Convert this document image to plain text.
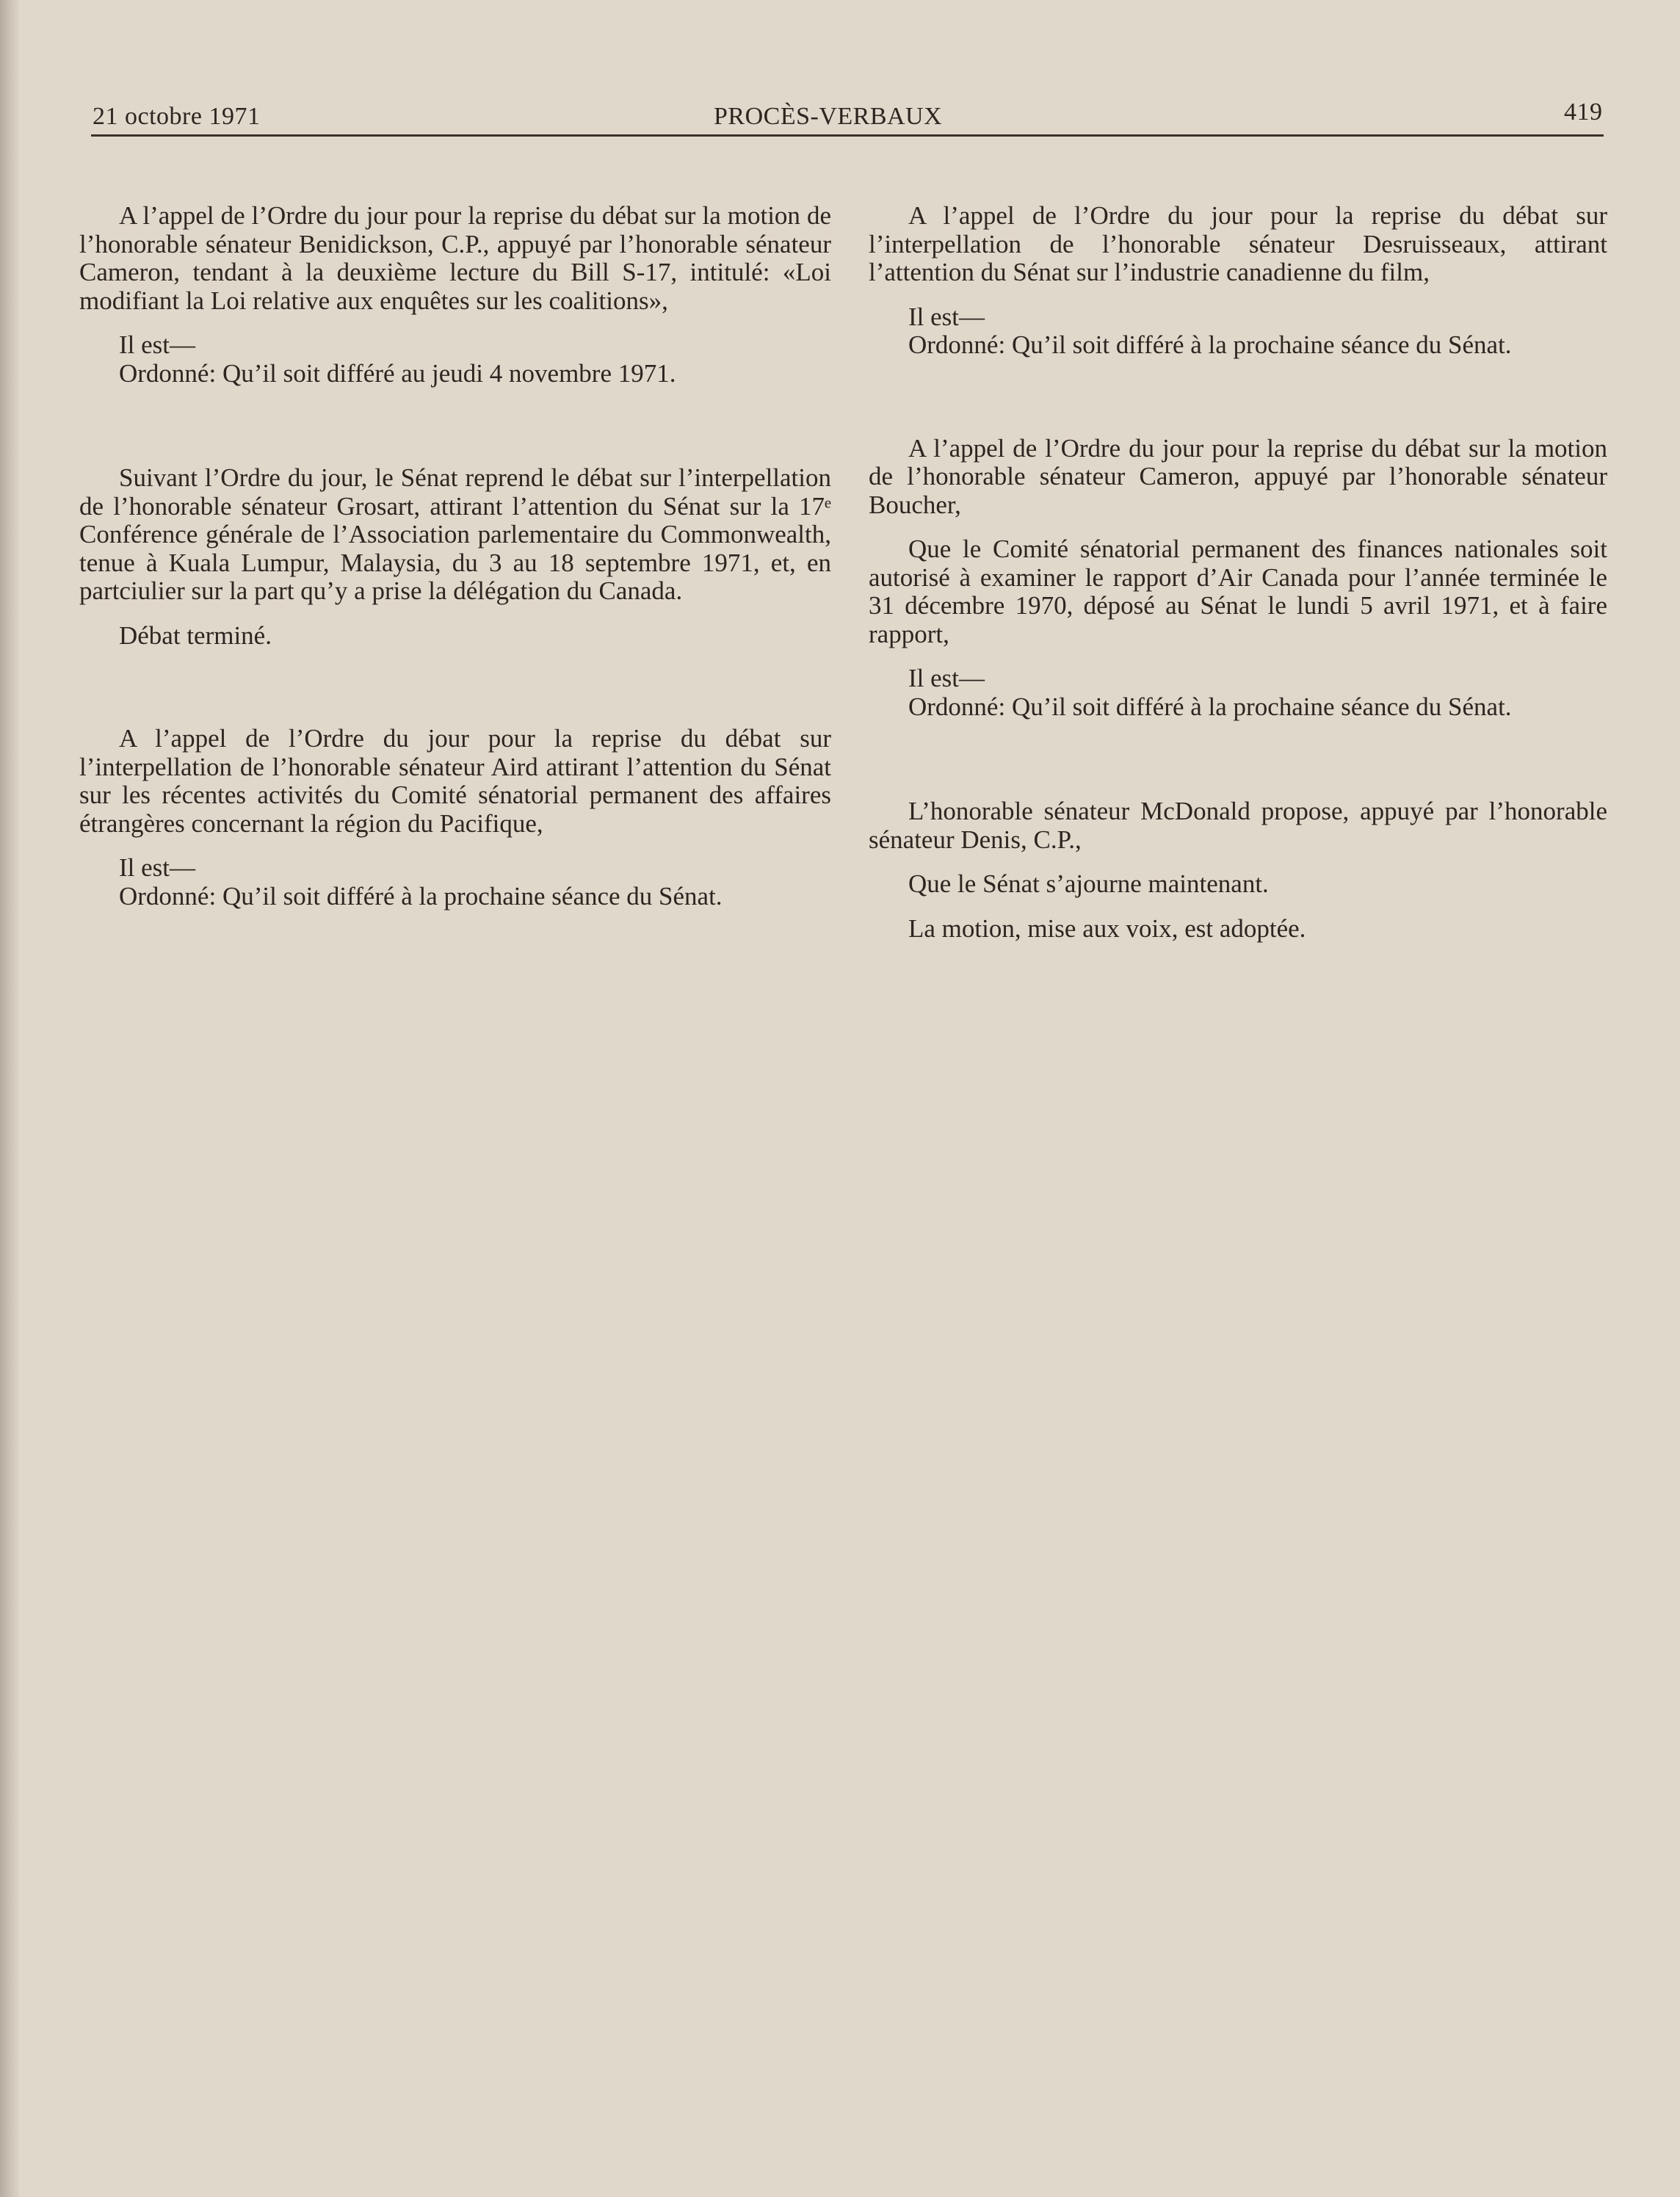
21 octobre 1971	PROCÈS-VERBAUX	419

A l’appel de l’Ordre du jour pour la reprise du débat sur la motion de l’honorable sénateur Benidickson, C.P., appuyé par l’honorable sénateur Cameron, tendant à la deuxième lecture du Bill S-17, intitulé: «Loi modifiant la Loi relative aux enquêtes sur les coalitions»,

Il est—

Ordonné: Qu’il soit différé au jeudi 4 novembre 1971.

Suivant l’Ordre du jour, le Sénat reprend le débat sur l’interpellation de l’honorable sénateur Grosart, attirant l’attention du Sénat sur la 17ᵉ Conférence générale de l’Association parlementaire du Commonwealth, tenue à Kuala Lumpur, Malaysia, du 3 au 18 septembre 1971, et, en partciulier sur la part qu’y a prise la délégation du Canada.

Débat terminé.

A l’appel de l’Ordre du jour pour la reprise du débat sur l’interpellation de l’honorable sénateur Aird attirant l’attention du Sénat sur les récentes activités du Comité sénatorial permanent des affaires étrangères concernant la région du Pacifique,

Il est—

Ordonné: Qu’il soit différé à la prochaine séance du Sénat.

A l’appel de l’Ordre du jour pour la reprise du débat sur l’interpellation de l’honorable sénateur Desruisseaux, attirant l’attention du Sénat sur l’industrie canadienne du film,

Il est—

Ordonné: Qu’il soit différé à la prochaine séance du Sénat.

A l’appel de l’Ordre du jour pour la reprise du débat sur la motion de l’honorable sénateur Cameron, appuyé par l’honorable sénateur Boucher,

Que le Comité sénatorial permanent des finances nationales soit autorisé à examiner le rapport d’Air Canada pour l’année terminée le 31 décembre 1970, déposé au Sénat le lundi 5 avril 1971, et à faire rapport,

Il est—

Ordonné: Qu’il soit différé à la prochaine séance du Sénat.

L’honorable sénateur McDonald propose, appuyé par l’honorable sénateur Denis, C.P.,

Que le Sénat s’ajourne maintenant.

La motion, mise aux voix, est adoptée.
